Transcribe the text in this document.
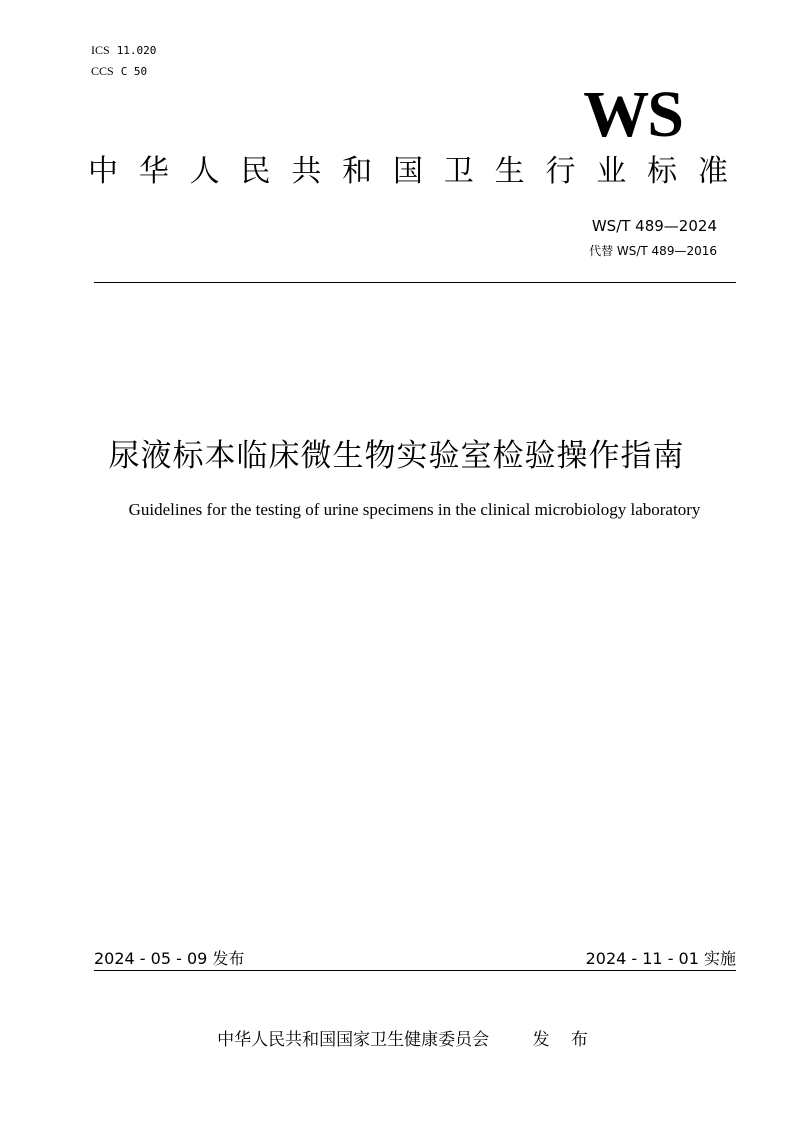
ICS 11.020
CCS C 50
WS
中 华 人 民 共 和 国 卫 生 行 业 标 准
WS/T 489—2024
代替 WS/T 489—2016
尿液标本临床微生物实验室检验操作指南
Guidelines for the testing of urine specimens in the clinical microbiology laboratory
2024 - 05 - 09 发布	2024 - 11 - 01 实施
中华人民共和国国家卫生健康委员会	发 布
